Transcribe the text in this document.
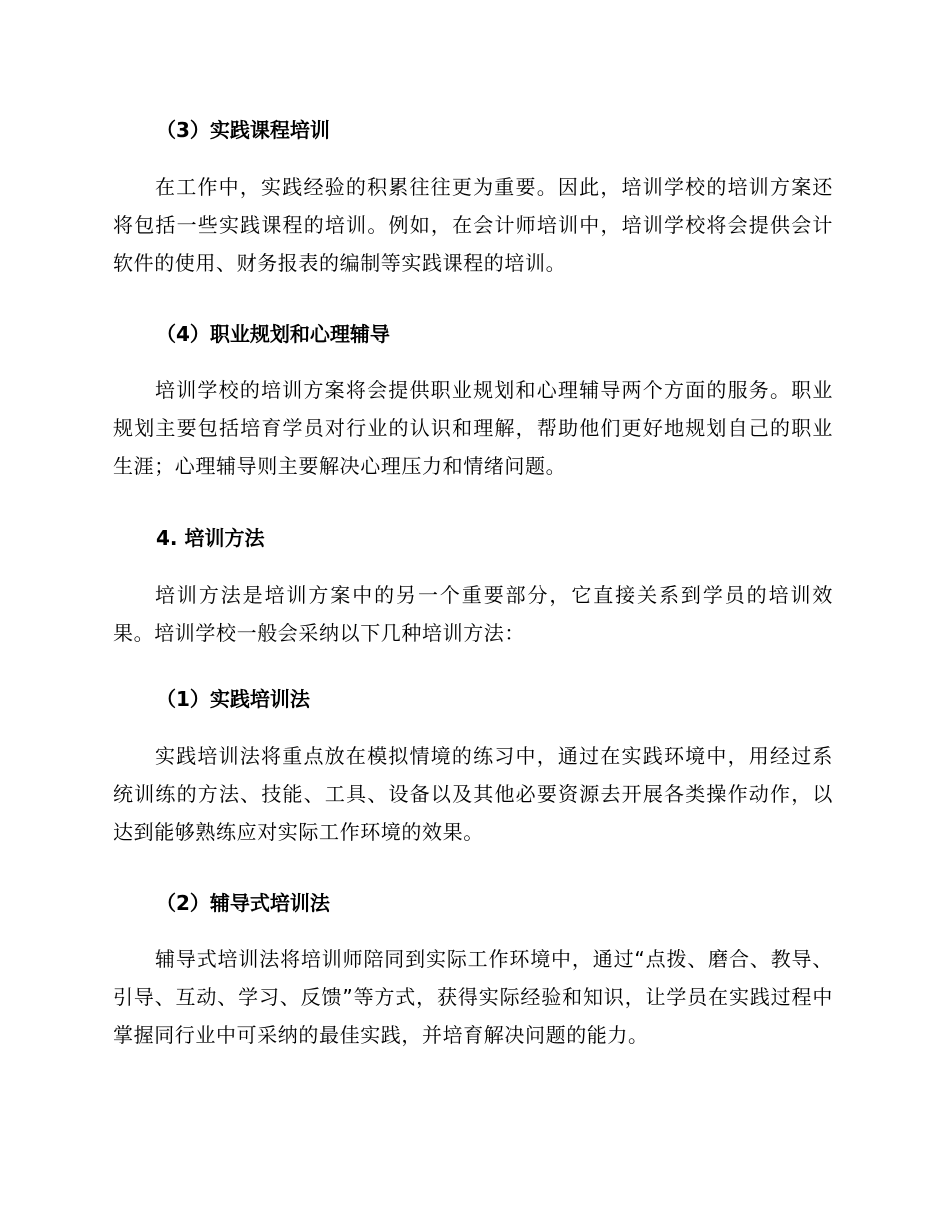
（3）实践课程培训
在工作中，实践经验的积累往往更为重要。因此，培训学校的培训方案还将包括一些实践课程的培训。例如，在会计师培训中，培训学校将会提供会计软件的使用、财务报表的编制等实践课程的培训。
（4）职业规划和心理辅导
培训学校的培训方案将会提供职业规划和心理辅导两个方面的服务。职业规划主要包括培育学员对行业的认识和理解，帮助他们更好地规划自己的职业生涯；心理辅导则主要解决心理压力和情绪问题。
4. 培训方法
培训方法是培训方案中的另一个重要部分，它直接关系到学员的培训效果。培训学校一般会采纳以下几种培训方法：
（1）实践培训法
实践培训法将重点放在模拟情境的练习中，通过在实践环境中，用经过系统训练的方法、技能、工具、设备以及其他必要资源去开展各类操作动作，以达到能够熟练应对实际工作环境的效果。
（2）辅导式培训法
辅导式培训法将培训师陪同到实际工作环境中，通过“点拨、磨合、教导、引导、互动、学习、反馈”等方式，获得实际经验和知识，让学员在实践过程中掌握同行业中可采纳的最佳实践，并培育解决问题的能力。
